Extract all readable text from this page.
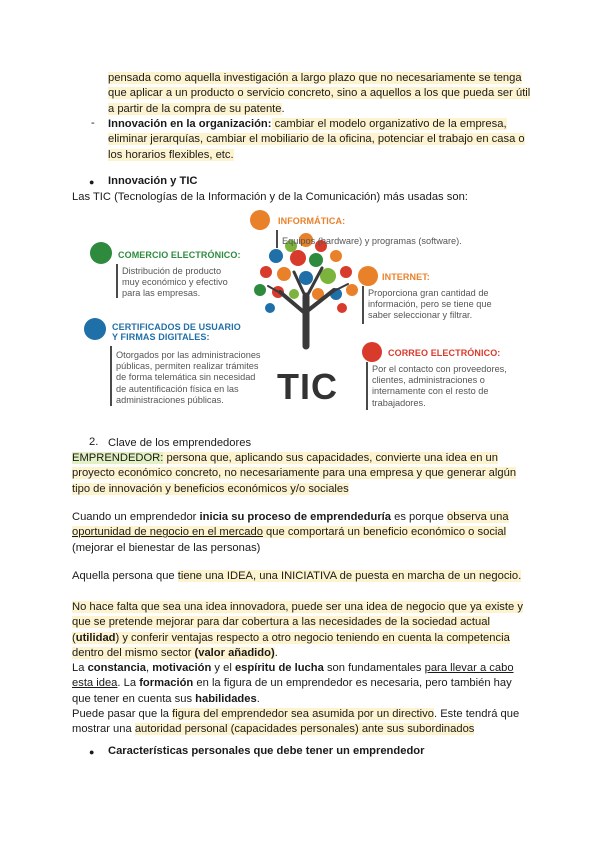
pensada como aquella investigación a largo plazo que no necesariamente se tenga
que aplicar a un producto o servicio concreto, sino a aquellos a los que pueda ser útil
a partir de la compra de su patente.
- Innovación en la organización: cambiar el modelo organizativo de la empresa,
eliminar jerarquías, cambiar el mobiliario de la oficina, potenciar el trabajo en casa o
los horarios flexibles, etc.
● Innovación y TIC
Las TIC (Tecnologías de la Información y de la Comunicación) más usadas son:
TIC
INFORMÁTICA:
Equipos (hardware) y programas (software).
COMERCIO ELECTRÓNICO:
Distribución de producto
muy económico y efectivo
para las empresas.
INTERNET:
Proporciona gran cantidad de
información, pero se tiene que
saber seleccionar y filtrar.
CERTIFICADOS DE USUARIO
Y FIRMAS DIGITALES:
Otorgados por las administraciones
públicas, permiten realizar trámites
de forma telemática sin necesidad
de autentificación física en las
administraciones públicas.
CORREO ELECTRÓNICO:
Por el contacto con proveedores,
clientes, administraciones o
internamente con el resto de
trabajadores.
2. Clave de los emprendedores
EMPRENDEDOR: persona que, aplicando sus capacidades, convierte una idea en un
proyecto económico concreto, no necesariamente para una empresa y que generar algún
tipo de innovación y beneficios económicos y/o sociales
Cuando un emprendedor inicia su proceso de emprendeduría es porque observa una
oportunidad de negocio en el mercado que comportará un beneficio económico o social
(mejorar el bienestar de las personas)
Aquella persona que tiene una IDEA, una INICIATIVA de puesta en marcha de un negocio.
No hace falta que sea una idea innovadora, puede ser una idea de negocio que ya existe y
que se pretende mejorar para dar cobertura a las necesidades de la sociedad actual
(utilidad) y conferir ventajas respecto a otro negocio teniendo en cuenta la competencia
dentro del mismo sector (valor añadido).
La constancia, motivación y el espíritu de lucha son fundamentales para llevar a cabo
esta idea. La formación en la figura de un emprendedor es necesaria, pero también hay
que tener en cuenta sus habilidades.
Puede pasar que la figura del emprendedor sea asumida por un directivo. Este tendrá que
mostrar una autoridad personal (capacidades personales) ante sus subordinados
● Características personales que debe tener un emprendedor
